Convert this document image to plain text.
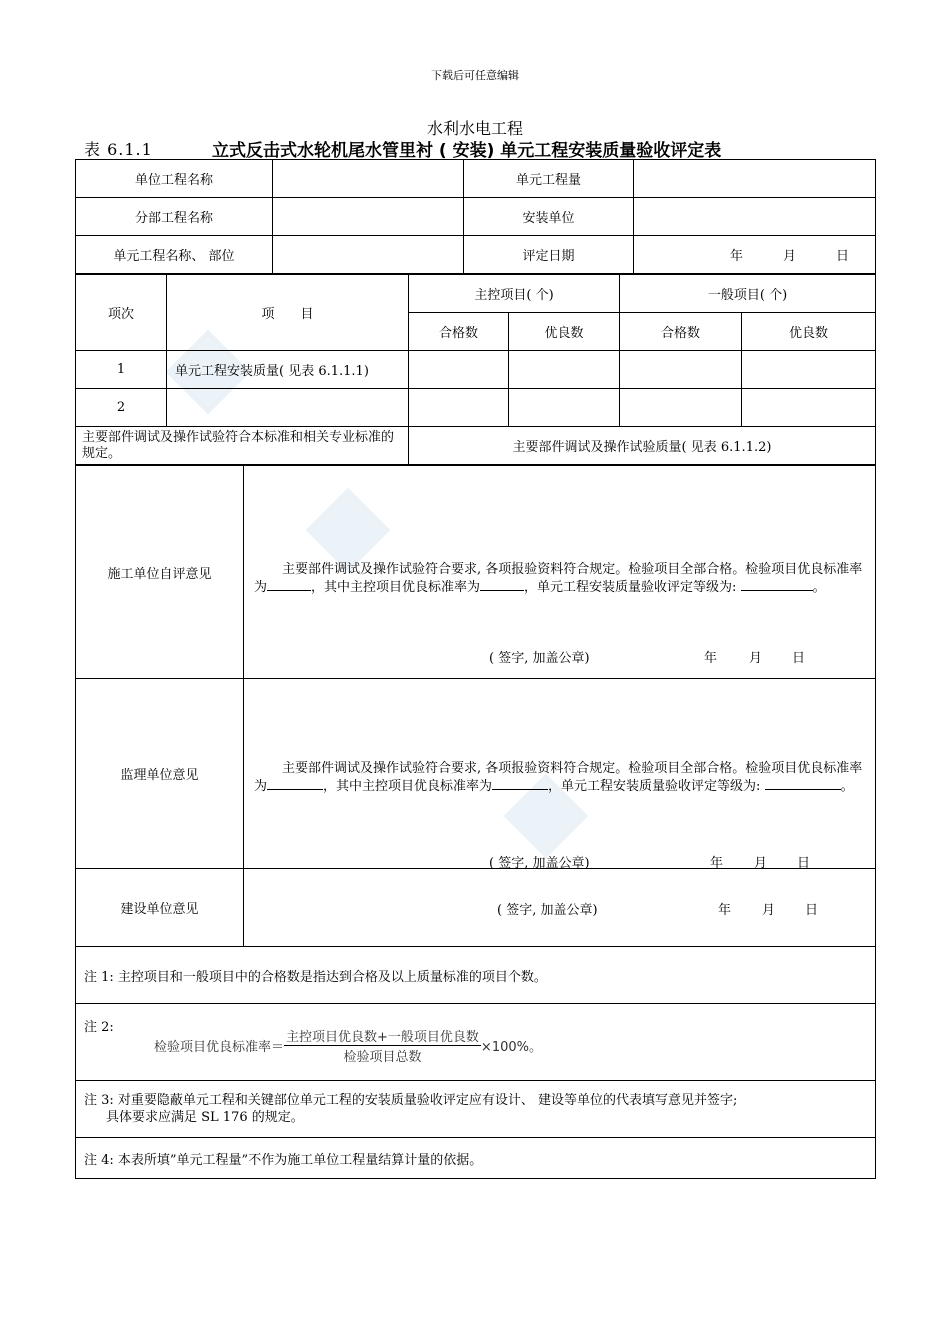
下载后可任意编辑
水利水电工程
表 6.1.1	立式反击式水轮机尾水管里衬 ( 安装) 单元工程安装质量验收评定表
单位工程名称		单元工程量	
分部工程名称		安装单位	
单元工程名称、 部位		评定日期	年 月 日
项次	项　　目	主控项目( 个)		一般项目( 个)	
		合格数	优良数	合格数	优良数
1	单元工程安装质量( 见表 6.1.1.1)				
2					
主要部件调试及操作试验符合本标准和相关专业标准的规定。		主要部件调试及操作试验质量( 见表 6.1.1.2)			
施工单位自评意见	主要部件调试及操作试验符合要求, 各项报验资料符合规定。检验项目全部合格。检验项目优良标准率为 ，其中主控项目优良标准率为 ，单元工程安装质量验收评定等级为: 。
( 签字, 加盖公章) 年 月 日

监理单位意见	主要部件调试及操作试验符合要求, 各项报验资料符合规定。检验项目全部合格。检验项目优良标准率为 ，其中主控项目优良标准率为 ，单元工程安装质量验收评定等级为: 。
( 签字, 加盖公章) 年 月 日

建设单位意见	( 签字, 加盖公章) 年 月 日
注 1: 主控项目和一般项目中的合格数是指达到合格及以上质量标准的项目个数。

注 2:
检验项目优良标准率＝ $\frac{\text{主控项目优良数+一般项目优良数}}{\text{检验项目总数}} \times 100\%$。

注 3: 对重要隐蔽单元工程和关键部位单元工程的安装质量验收评定应有设计、 建设等单位的代表填写意见并签字;
具体要求应满足 SL 176 的规定。

注 4: 本表所填”单元工程量”不作为施工单位工程量结算计量的依据。
